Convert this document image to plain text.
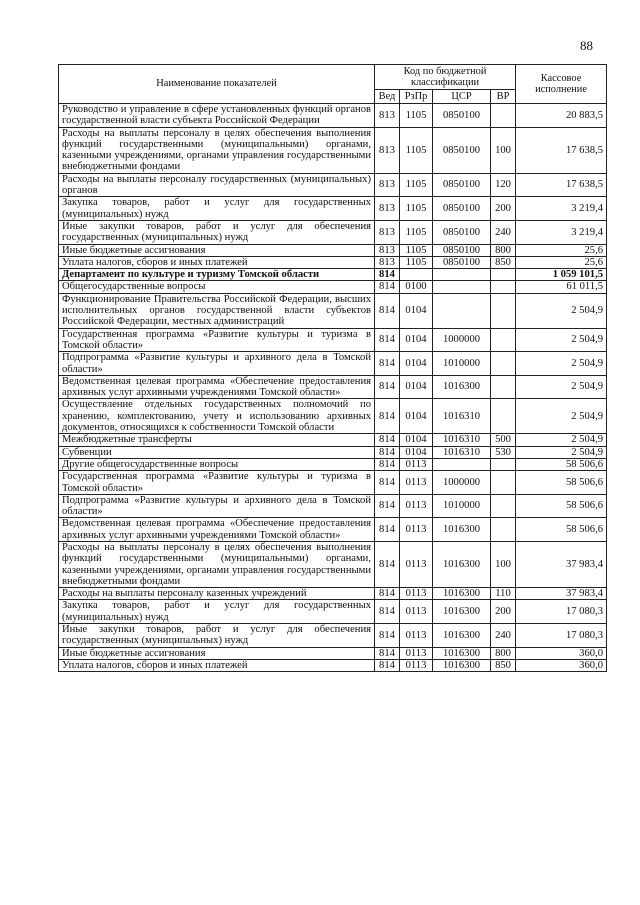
88
Наименование показателей	Код по бюджетной классификации				Кассовое исполнение
	Вед	РзПр	ЦСР	ВР	
Руководство и управление в сфере установленных функций органов государственной власти субъекта Российской Федерации	813	1105	0850100		20 883,5
Расходы на выплаты персоналу в целях обеспечения выполнения функций государственными (муниципальными) органами, казенными учреждениями, органами управления государственными внебюджетными фондами	813	1105	0850100	100	17 638,5
Расходы на выплаты персоналу государственных (муниципальных) органов	813	1105	0850100	120	17 638,5
Закупка товаров, работ и услуг для государственных (муниципальных) нужд	813	1105	0850100	200	3 219,4
Иные закупки товаров, работ и услуг для обеспечения государственных (муниципальных) нужд	813	1105	0850100	240	3 219,4
Иные бюджетные ассигнования	813	1105	0850100	800	25,6
Уплата налогов, сборов и иных платежей	813	1105	0850100	850	25,6
Департамент по культуре и туризму Томской области	814				1 059 101,5
Общегосударственные вопросы	814	0100			61 011,5
Функционирование Правительства Российской Федерации, высших исполнительных органов государственной власти субъектов Российской Федерации, местных администраций	814	0104			2 504,9
Государственная программа «Развитие культуры и туризма в Томской области»	814	0104	1000000		2 504,9
Подпрограмма «Развитие культуры и архивного дела в Томской области»	814	0104	1010000		2 504,9
Ведомственная целевая программа «Обеспечение предоставления архивных услуг архивными учреждениями Томской области»	814	0104	1016300		2 504,9
Осуществление отдельных государственных полномочий по хранению, комплектованию, учету и использованию архивных документов, относящихся к собственности Томской области	814	0104	1016310		2 504,9
Межбюджетные трансферты	814	0104	1016310	500	2 504,9
Субвенции	814	0104	1016310	530	2 504,9
Другие общегосударственные вопросы	814	0113			58 506,6
Государственная программа «Развитие культуры и туризма в Томской области»	814	0113	1000000		58 506,6
Подпрограмма «Развитие культуры и архивного дела в Томской области»	814	0113	1010000		58 506,6
Ведомственная целевая программа «Обеспечение предоставления архивных услуг архивными учреждениями Томской области»	814	0113	1016300		58 506,6
Расходы на выплаты персоналу в целях обеспечения выполнения функций государственными (муниципальными) органами, казенными учреждениями, органами управления государственными внебюджетными фондами	814	0113	1016300	100	37 983,4
Расходы на выплаты персоналу казенных учреждений	814	0113	1016300	110	37 983,4
Закупка товаров, работ и услуг для государственных (муниципальных) нужд	814	0113	1016300	200	17 080,3
Иные закупки товаров, работ и услуг для обеспечения государственных (муниципальных) нужд	814	0113	1016300	240	17 080,3
Иные бюджетные ассигнования	814	0113	1016300	800	360,0
Уплата налогов, сборов и иных платежей	814	0113	1016300	850	360,0
